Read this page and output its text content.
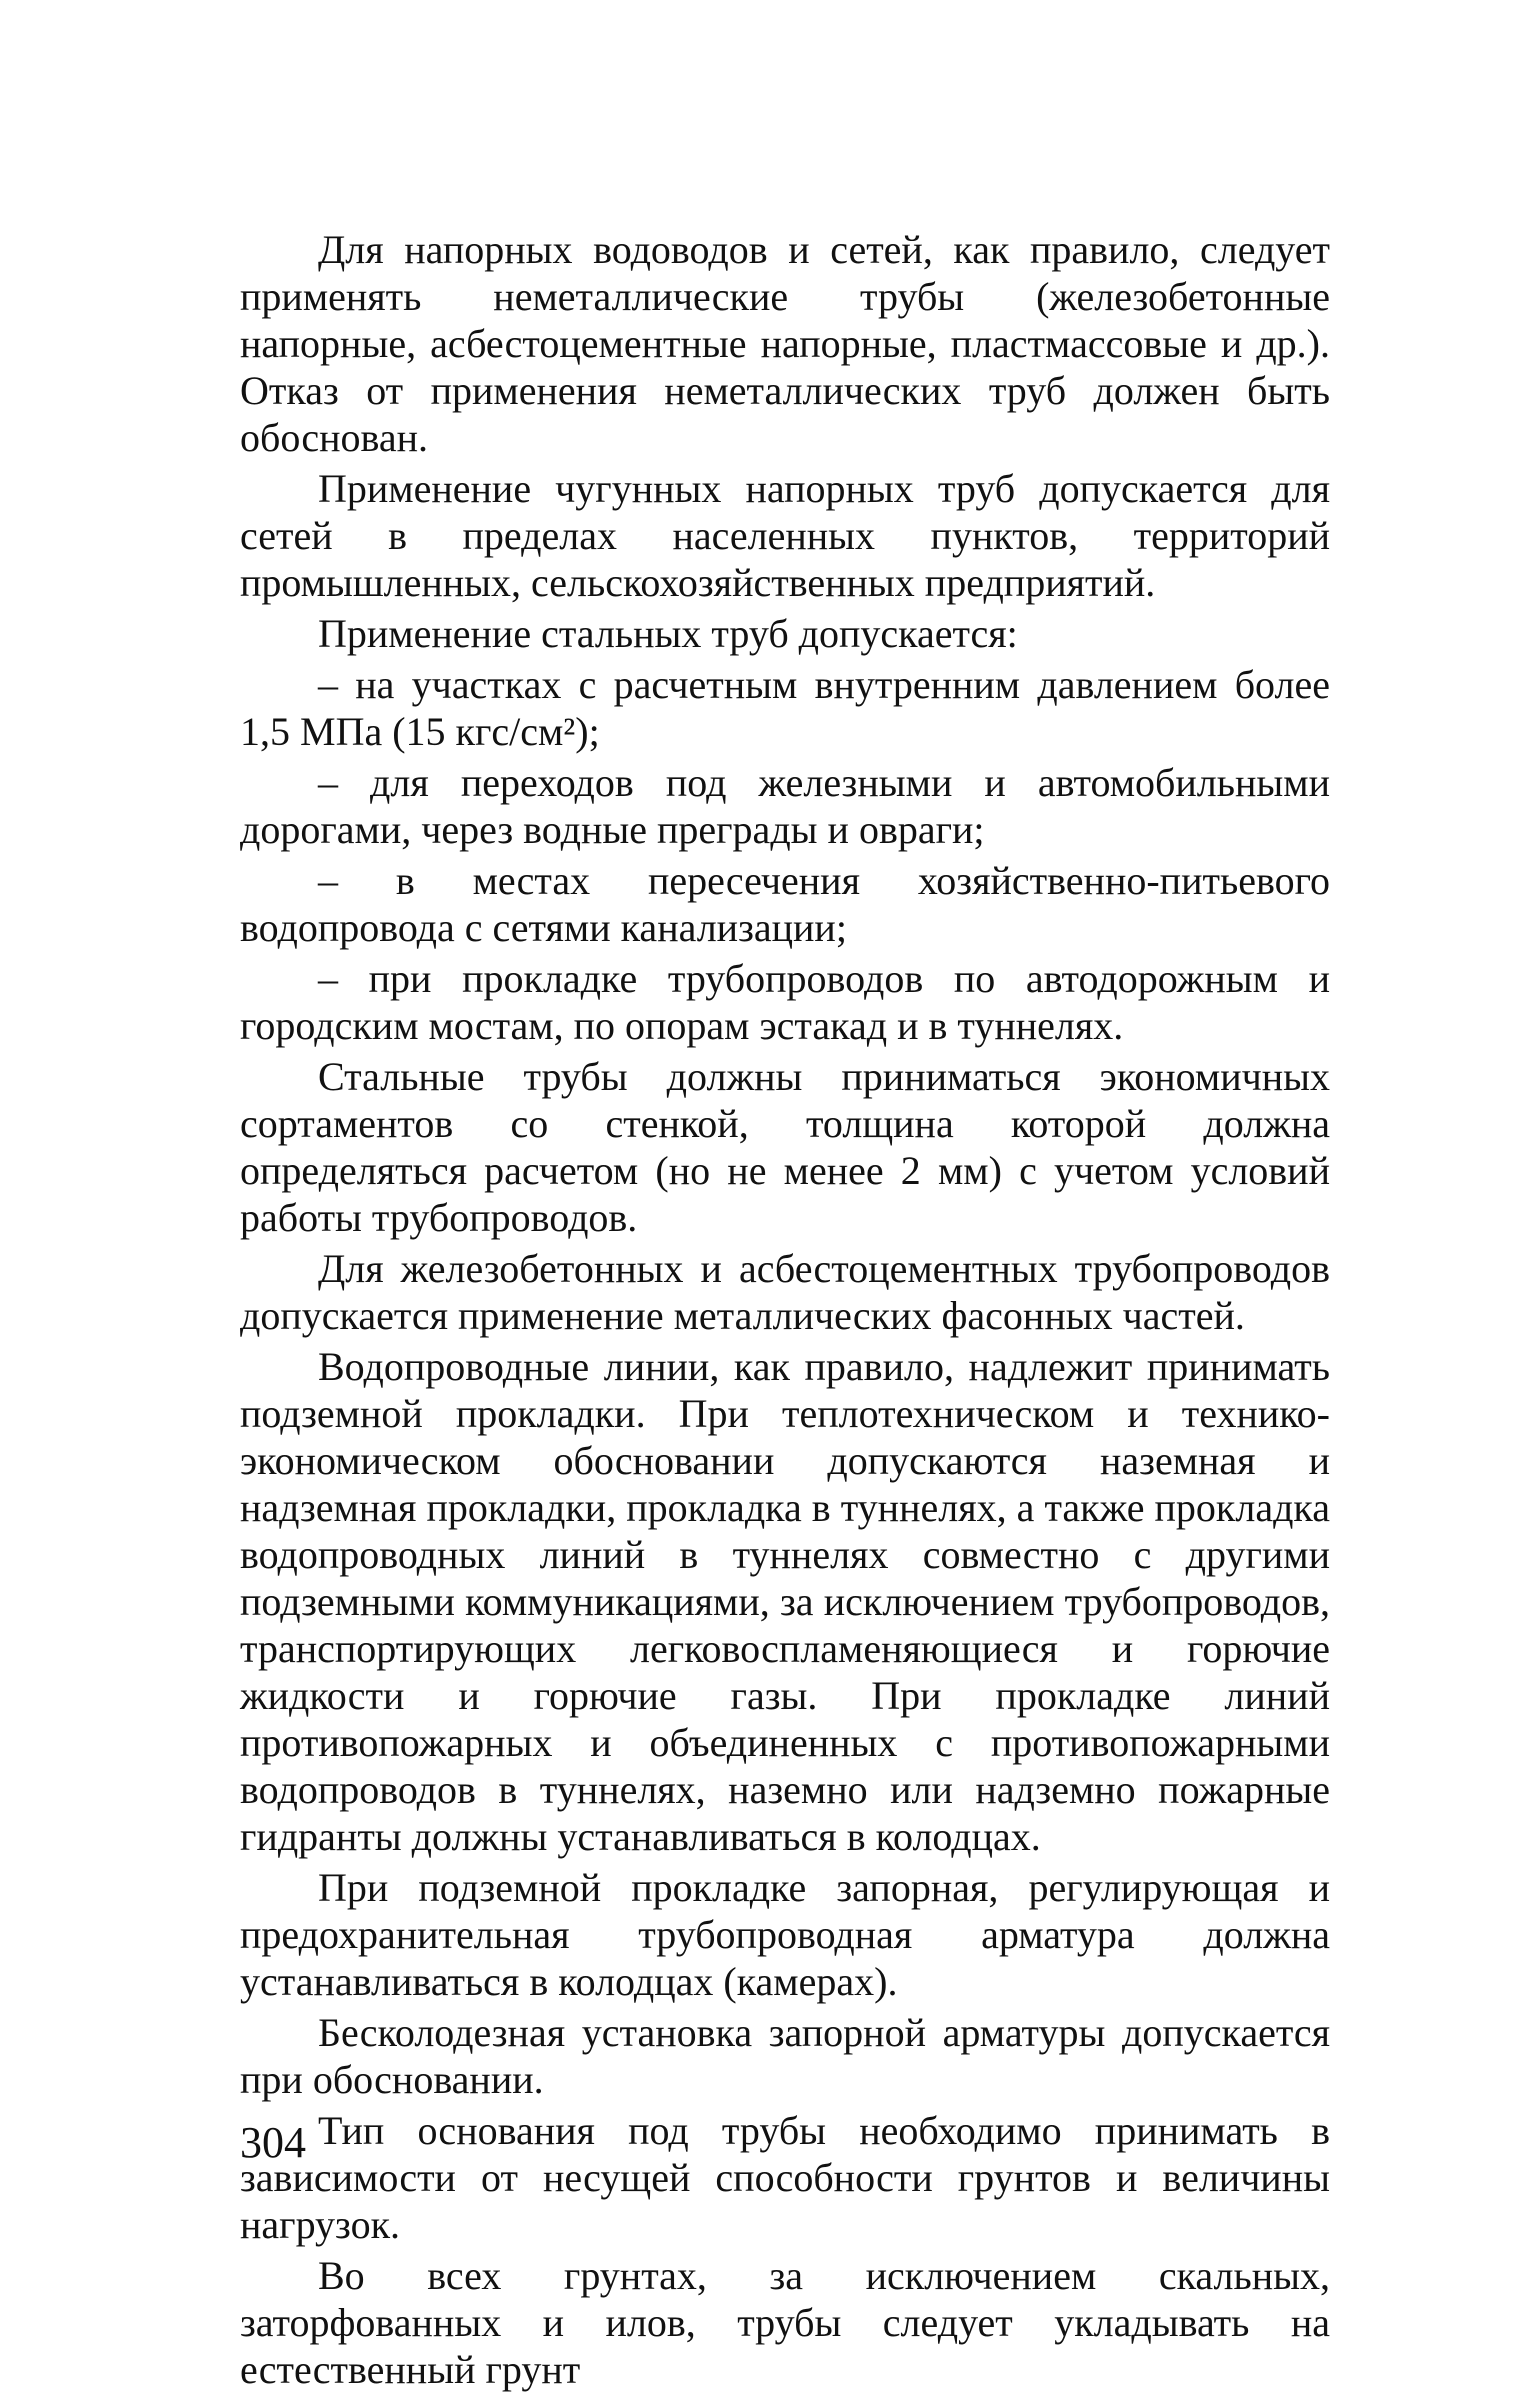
Для напорных водоводов и сетей, как правило, следует применять неметаллические трубы (железобетонные напорные, асбестоцементные напорные, пластмассовые и др.). Отказ от применения неметаллических труб должен быть обоснован.

Применение чугунных напорных труб допускается для сетей в пределах населенных пунктов, территорий промышленных, сельскохозяйственных предприятий.

Применение стальных труб допускается:

– на участках с расчетным внутренним давлением более 1,5 МПа (15 кгс/см²);

– для переходов под железными и автомобильными дорогами, через водные преграды и овраги;

– в местах пересечения хозяйственно-питьевого водопровода с сетями канализации;

– при прокладке трубопроводов по автодорожным и городским мостам, по опорам эстакад и в туннелях.

Стальные трубы должны приниматься экономичных сортаментов со стенкой, толщина которой должна определяться расчетом (но не менее 2 мм) с учетом условий работы трубопроводов.

Для железобетонных и асбестоцементных трубопроводов допускается применение металлических фасонных частей.

Водопроводные линии, как правило, надлежит принимать подземной прокладки. При теплотехническом и технико-экономическом обосновании допускаются наземная и надземная прокладки, прокладка в туннелях, а также прокладка водопроводных линий в туннелях совместно с другими подземными коммуникациями, за исключением трубопроводов, транспортирующих легковоспламеняющиеся и горючие жидкости и горючие газы. При прокладке линий противопожарных и объединенных с противопожарными водопроводов в туннелях, наземно или надземно пожарные гидранты должны устанавливаться в колодцах.

При подземной прокладке запорная, регулирующая и предохранительная трубопроводная арматура должна устанавливаться в колодцах (камерах).

Бесколодезная установка запорной арматуры допускается при обосновании.

Тип основания под трубы необходимо принимать в зависимости от несущей способности грунтов и величины нагрузок.

Во всех грунтах, за исключением скальных, заторфованных и илов, трубы следует укладывать на естественный грунт

304
